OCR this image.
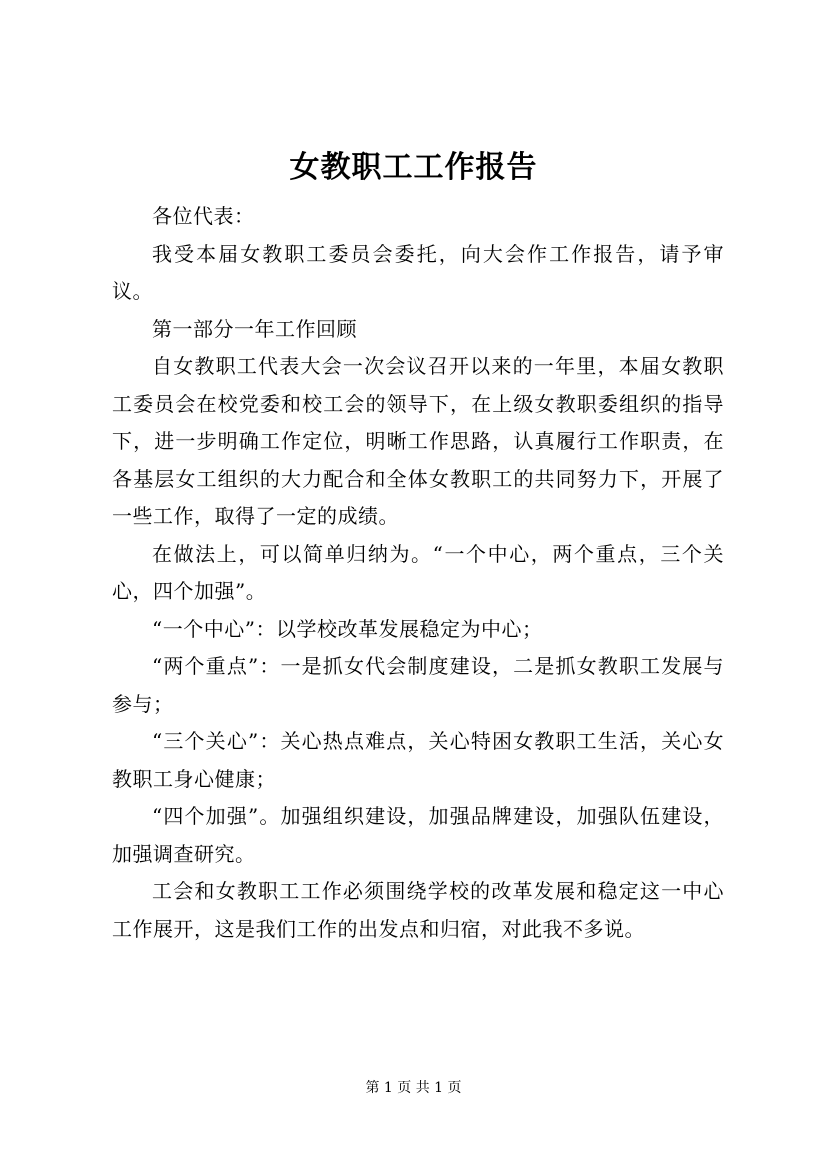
女教职工工作报告

各位代表：

我受本届女教职工委员会委托，向大会作工作报告，请予审议。

第一部分一年工作回顾

自女教职工代表大会一次会议召开以来的一年里，本届女教职工委员会在校党委和校工会的领导下，在上级女教职委组织的指导下，进一步明确工作定位，明晰工作思路，认真履行工作职责，在各基层女工组织的大力配合和全体女教职工的共同努力下，开展了一些工作，取得了一定的成绩。

在做法上，可以简单归纳为。“一个中心，两个重点，三个关心，四个加强”。

“一个中心”：以学校改革发展稳定为中心；

“两个重点”：一是抓女代会制度建设，二是抓女教职工发展与参与；

“三个关心”：关心热点难点，关心特困女教职工生活，关心女教职工身心健康；

“四个加强”。加强组织建设，加强品牌建设，加强队伍建设，加强调查研究。

工会和女教职工工作必须围绕学校的改革发展和稳定这一中心工作展开，这是我们工作的出发点和归宿，对此我不多说。

第 1 页 共 1 页
